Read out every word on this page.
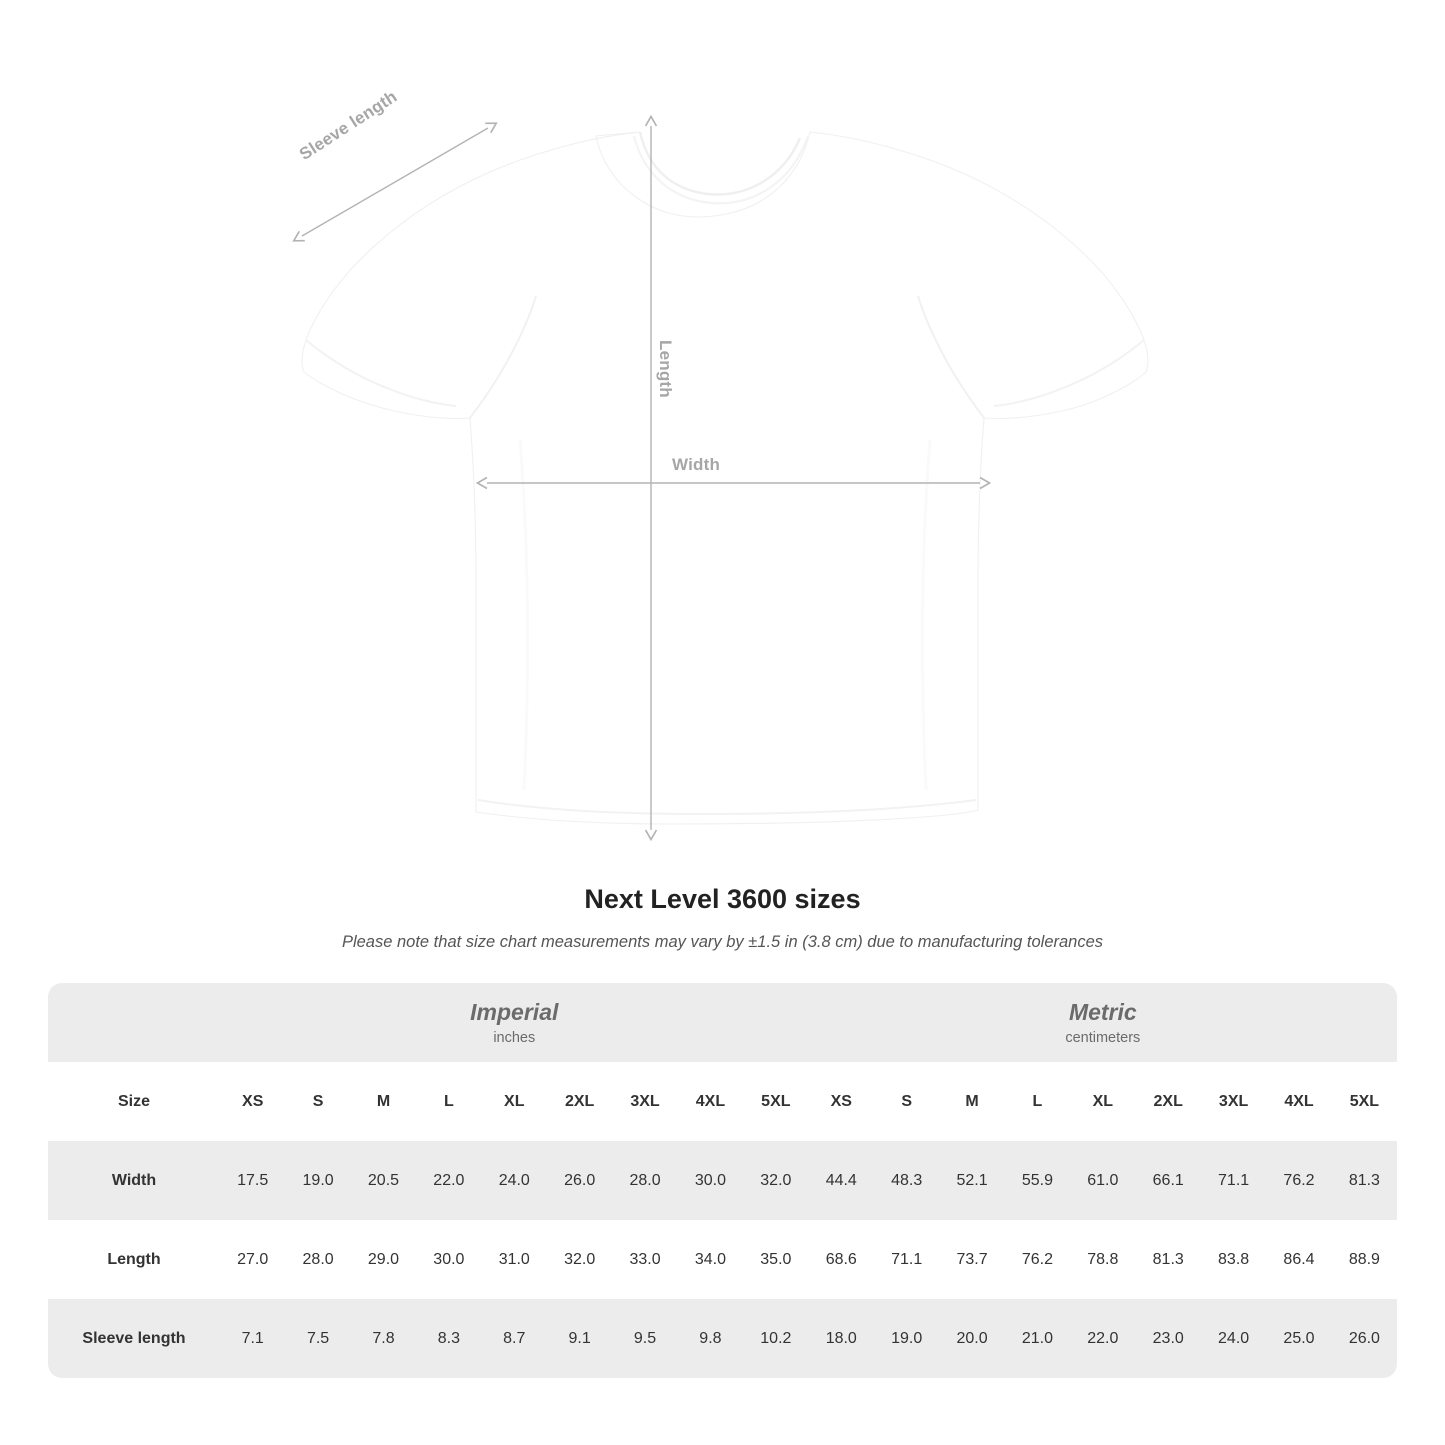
Sleeve length
Length
Width
Next Level 3600 sizes
Please note that size chart measurements may vary by ±1.5 in (3.8 cm) due to manufacturing tolerances

Imperial
inches

Metric
centimeters

Size	XS	S	M	L	XL	2XL	3XL	4XL	5XL	XS	S	M	L	XL	2XL	3XL	4XL	5XL
Width	17.5	19.0	20.5	22.0	24.0	26.0	28.0	30.0	32.0	44.4	48.3	52.1	55.9	61.0	66.1	71.1	76.2	81.3
Length	27.0	28.0	29.0	30.0	31.0	32.0	33.0	34.0	35.0	68.6	71.1	73.7	76.2	78.8	81.3	83.8	86.4	88.9
Sleeve length	7.1	7.5	7.8	8.3	8.7	9.1	9.5	9.8	10.2	18.0	19.0	20.0	21.0	22.0	23.0	24.0	25.0	26.0
